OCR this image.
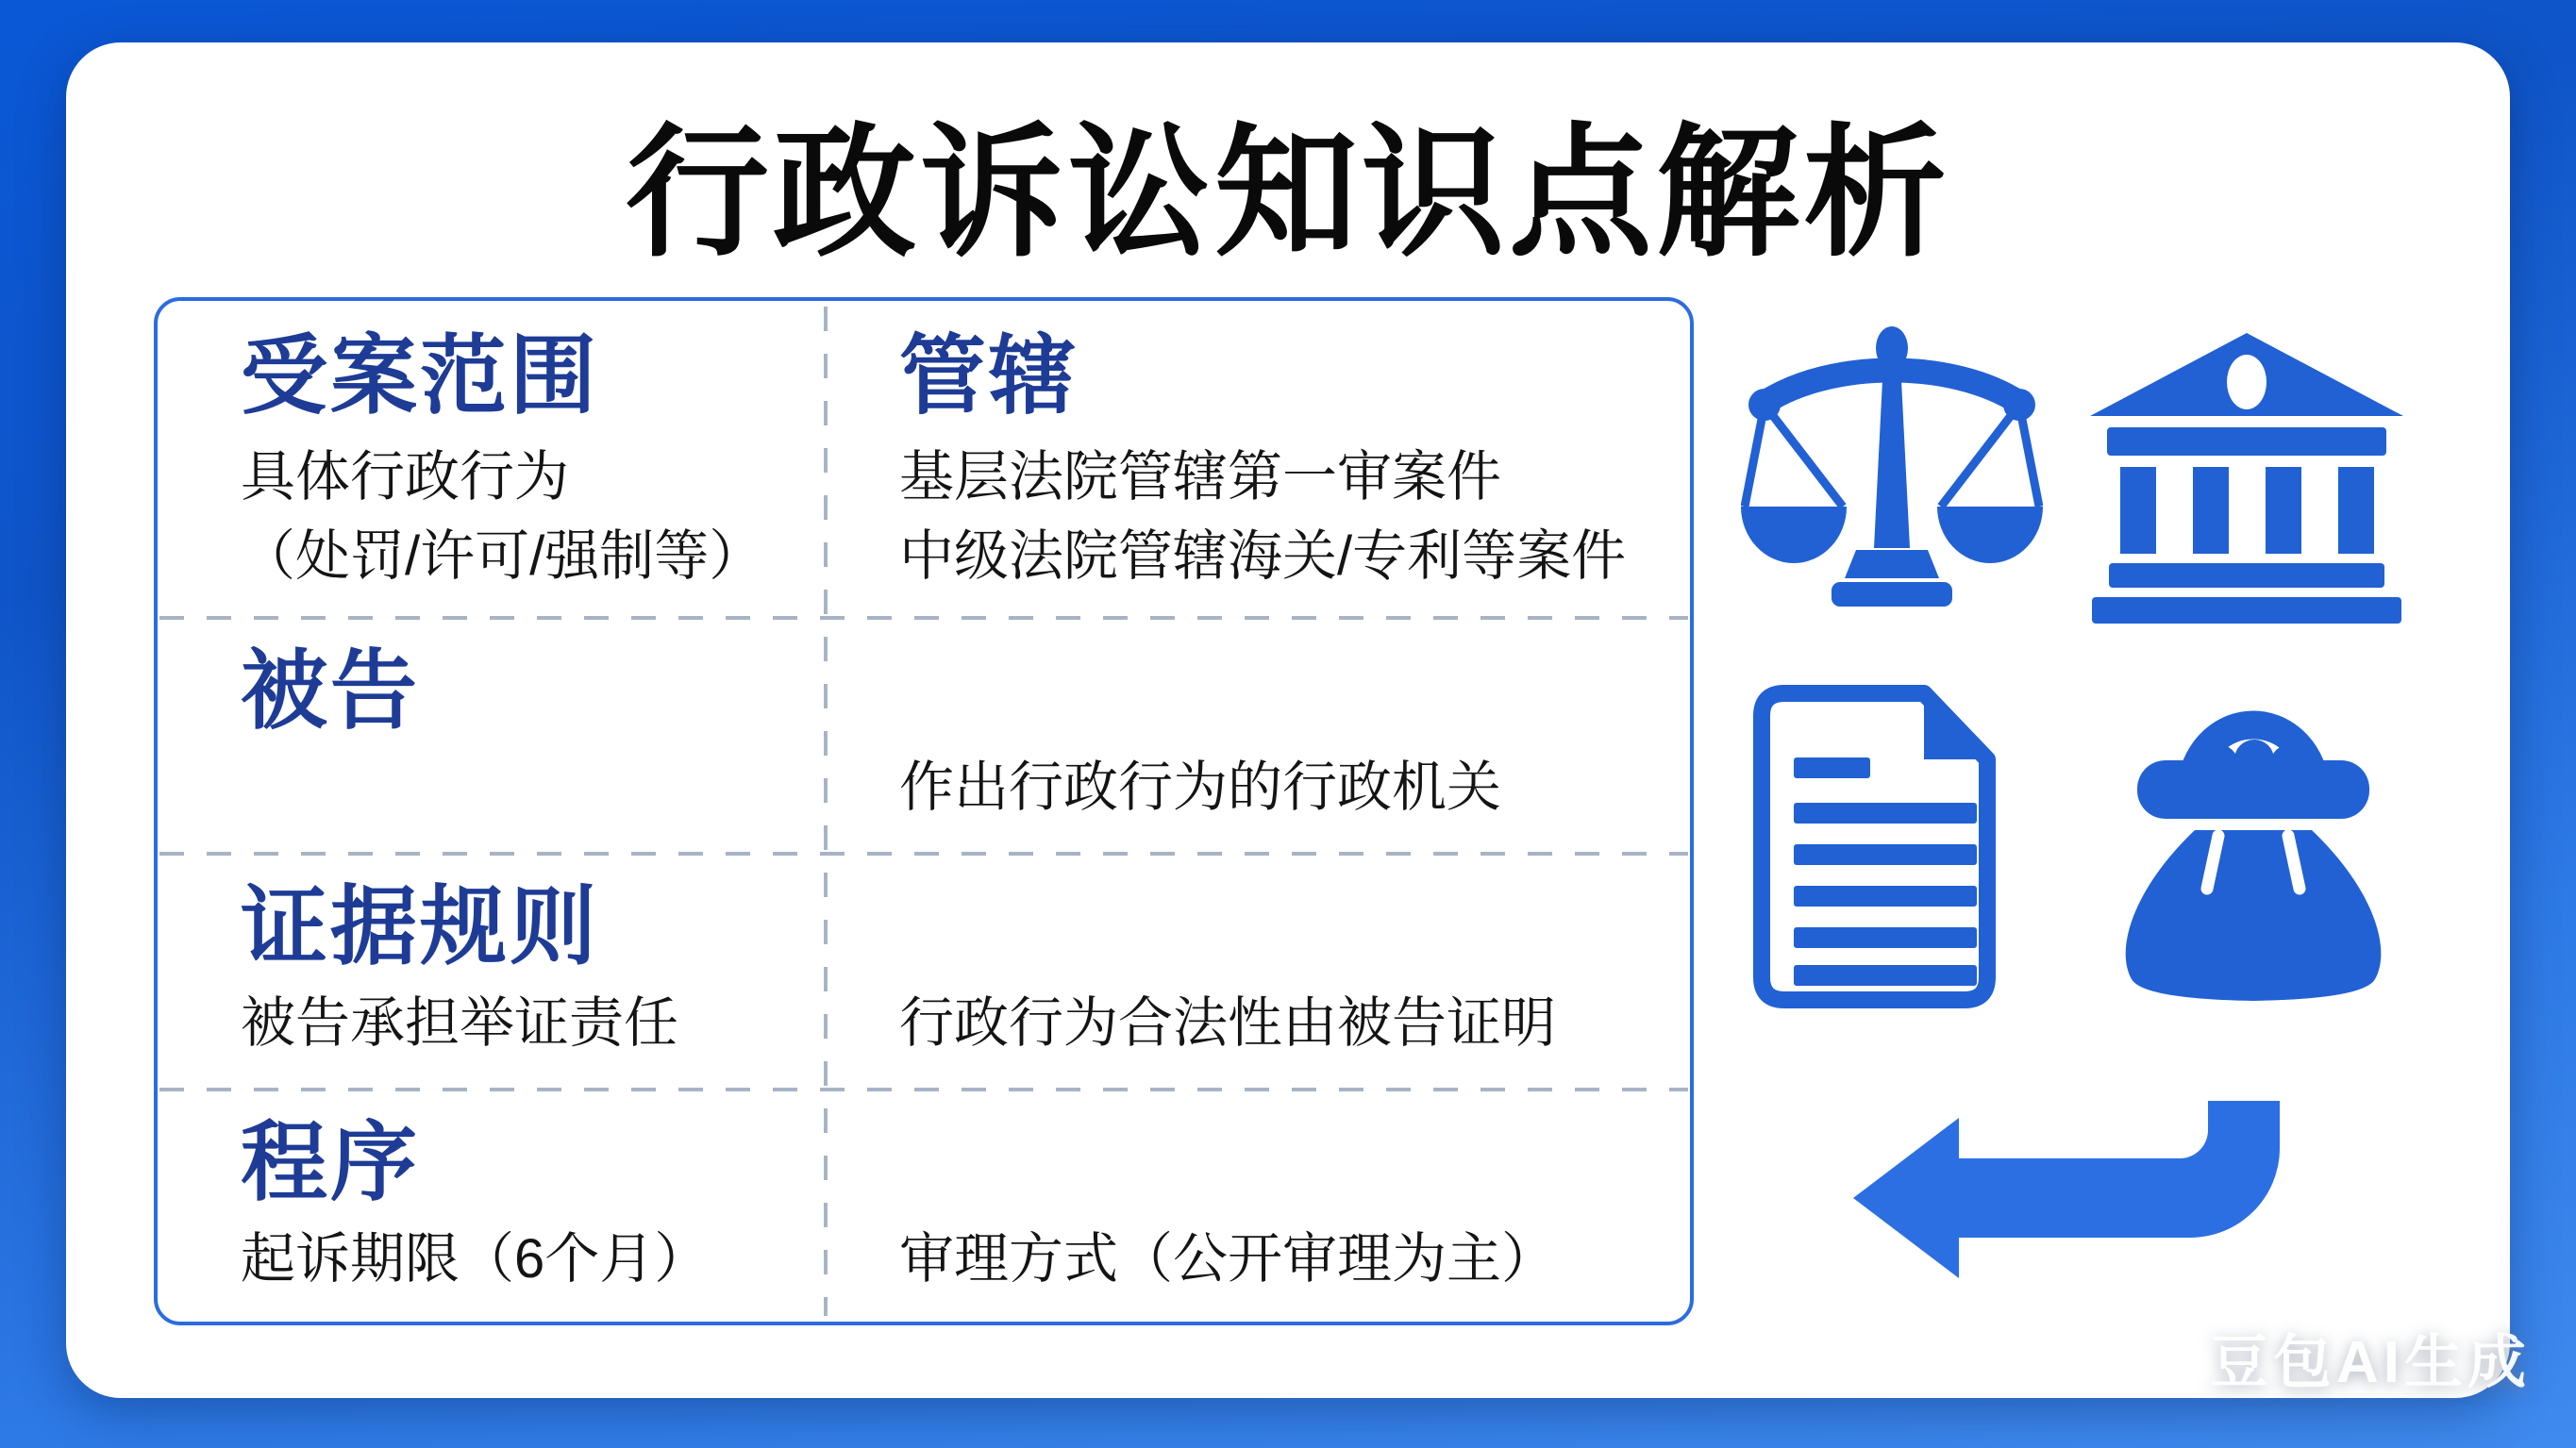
行政诉讼知识点解析
受案范围
具体行政行为
（处罚/许可/强制等）
管辖
基层法院管辖第一审案件
中级法院管辖海关/专利等案件
被告
作出行政行为的行政机关
证据规则
被告承担举证责任	行政行为合法性由被告证明
程序
起诉期限（6个月）	审理方式（公开审理为主）
豆包AI生成
